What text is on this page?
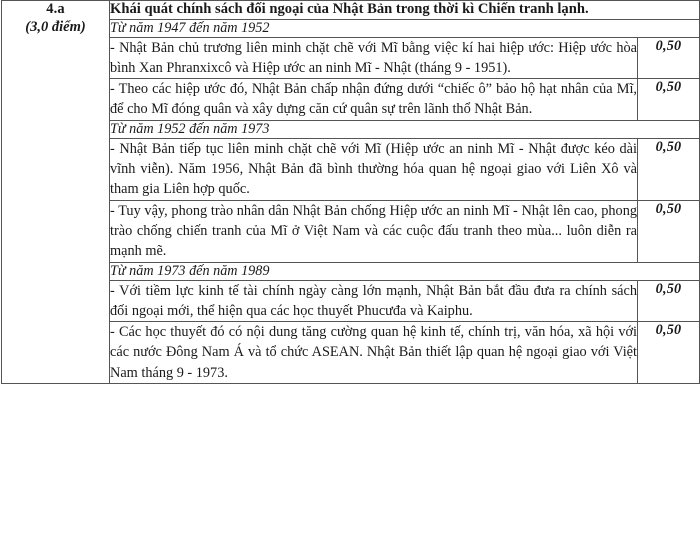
4.a
(3,0 điểm)	Khái quát chính sách đối ngoại của Nhật Bản trong thời kì Chiến tranh lạnh.	
	Từ năm 1947 đến năm 1952	
	- Nhật Bản chủ trương liên minh chặt chẽ với Mĩ bằng việc kí hai hiệp ước: Hiệp ước hòa bình Xan Phranxixcô và Hiệp ước an ninh Mĩ - Nhật (tháng 9 - 1951).	0,50
	- Theo các hiệp ước đó, Nhật Bản chấp nhận đứng dưới “chiếc ô” bảo hộ hạt nhân của Mĩ, để cho Mĩ đóng quân và xây dựng căn cứ quân sự trên lãnh thổ Nhật Bản.	0,50
	Từ năm 1952 đến năm 1973	
	- Nhật Bản tiếp tục liên minh chặt chẽ với Mĩ (Hiệp ước an ninh Mĩ - Nhật được kéo dài vĩnh viễn). Năm 1956, Nhật Bản đã bình thường hóa quan hệ ngoại giao với Liên Xô và tham gia Liên hợp quốc.	0,50
	- Tuy vậy, phong trào nhân dân Nhật Bản chống Hiệp ước an ninh Mĩ - Nhật lên cao, phong trào chống chiến tranh của Mĩ ở Việt Nam và các cuộc đấu tranh theo mùa... luôn diễn ra mạnh mẽ.	0,50
	Từ năm 1973 đến năm 1989	
	- Với tiềm lực kinh tế tài chính ngày càng lớn mạnh, Nhật Bản bắt đầu đưa ra chính sách đối ngoại mới, thể hiện qua các học thuyết Phucưđa và Kaiphu.	0,50
	- Các học thuyết đó có nội dung tăng cường quan hệ kinh tế, chính trị, văn hóa, xã hội với các nước Đông Nam Á và tổ chức ASEAN. Nhật Bản thiết lập quan hệ ngoại giao với Việt Nam tháng 9 - 1973.	0,50
